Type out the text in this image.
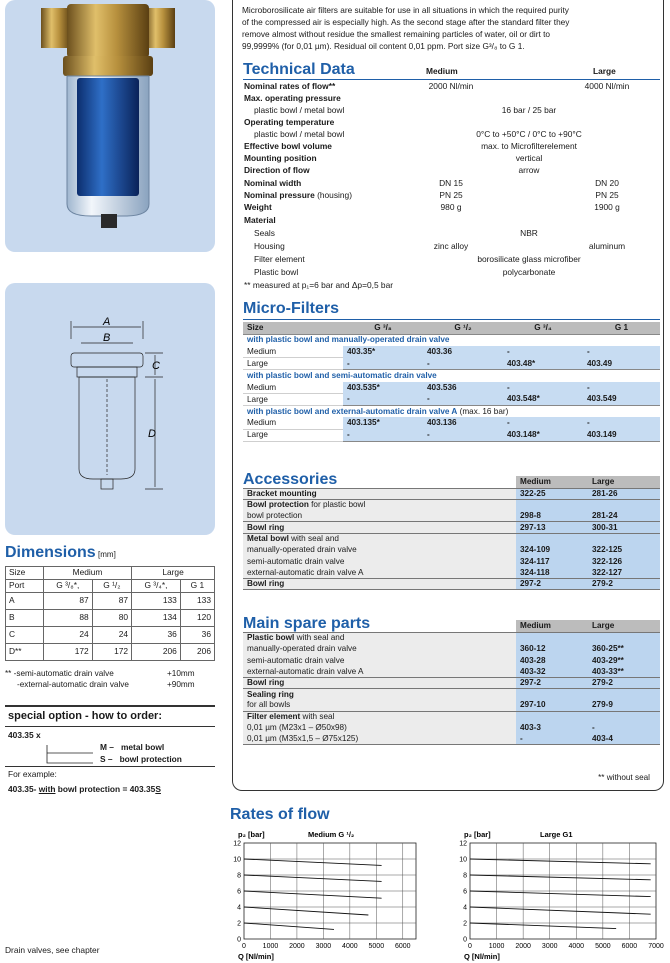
A
B
C
D
Dimensions [mm]
Size	Medium		Large	
Port	G ³/₈*,	G ¹/₂	G ³/₄*,	G 1
A	87	87	133	133
B	88	80	134	120
C	24	24	36	36
D**	172	172	206	206
** -semi-automatic drain valve	+10mm
-external-automatic drain valve	+90mm
special option - how to order:
403.35 x
M – metal bowl
S – bowl protection
For example:
403.35- with bowl protection = 403.35S
Drain valves, see chapter
Microborosilicate air filters are suitable for use in all situations in which the required purity
of the compressed air is especially high. As the second stage after the standard filter they
remove almost without residue the smallest remaining particles of water, oil or dirt to
99,9999% (for 0,01 µm). Residual oil content 0,01 ppm. Port size G³/₈ to G 1.
Technical Data	Medium	Large
Nominal rates of flow**	2000 Nl/min	4000 Nl/min
Max. operating pressure
plastic bowl / metal bowl	16 bar / 25 bar
Operating temperature
plastic bowl / metal bowl	0°C to +50°C / 0°C to +90°C
Effective bowl volume	max. to Microfilterelement
Mounting position	vertical
Direction of flow	arrow
Nominal width	DN 15	DN 20
Nominal pressure (housing)	PN 25	PN 25
Weight	980 g	1900 g
Material
Seals	NBR
Housing	zinc alloy	aluminum
Filter element	borosilicate glass microfiber
Plastic bowl	polycarbonate
** measured at p₁=6 bar and Δp=0,5 bar
Micro-Filters
Size	G ³/₈	G ¹/₂	G ³/₄	G 1
with plastic bowl and manually-operated drain valve				
Medium	403.35*	403.36	-	-
Large	-	-	403.48*	403.49
with plastic bowl and semi-automatic drain valve				
Medium	403.535*	403.536	-	-
Large	-	-	403.548*	403.549
with plastic bowl and external-automatic drain valve A (max. 16 bar)				
Medium	403.135*	403.136	-	-
Large	-	-	403.148*	403.149
Accessories
		Medium	Large
Bracket mounting	322-25	281-26
Bowl protection for plastic bowl		
bowl protection	298-8	281-24
Bowl ring	297-13	300-31
Metal bowl with seal and		
manually-operated drain valve	324-109	322-125
semi-automatic drain valve	324-117	322-126
external-automatic drain valve A	324-118	322-127
Bowl ring	297-2	279-2
Main spare parts
		Medium	Large
Plastic bowl with seal and		
manually-operated drain valve	360-12	360-25**
semi-automatic drain valve	403-28	403-29**
external-automatic drain valve A	403-32	403-33**
Bowl ring	297-2	279-2
Sealing ring		
for all bowls	297-10	279-9
Filter element with seal		
0,01 µm (M23x1 – Ø50x98)	403-3	-
0,01 µm (M35x1,5 – Ø75x125)	-	403-4
** without seal
Rates of flow
p₂ [bar]	Medium G ¹/₂
Q [Nl/min]
0
2
4
6
8
10
12
0 1000 2000 3000 4000 5000 6000
p₂ [bar]	Large G1
Q [Nl/min]
0
2
4
6
8
10
12
0 1000 2000 3000 4000 5000 6000 7000
